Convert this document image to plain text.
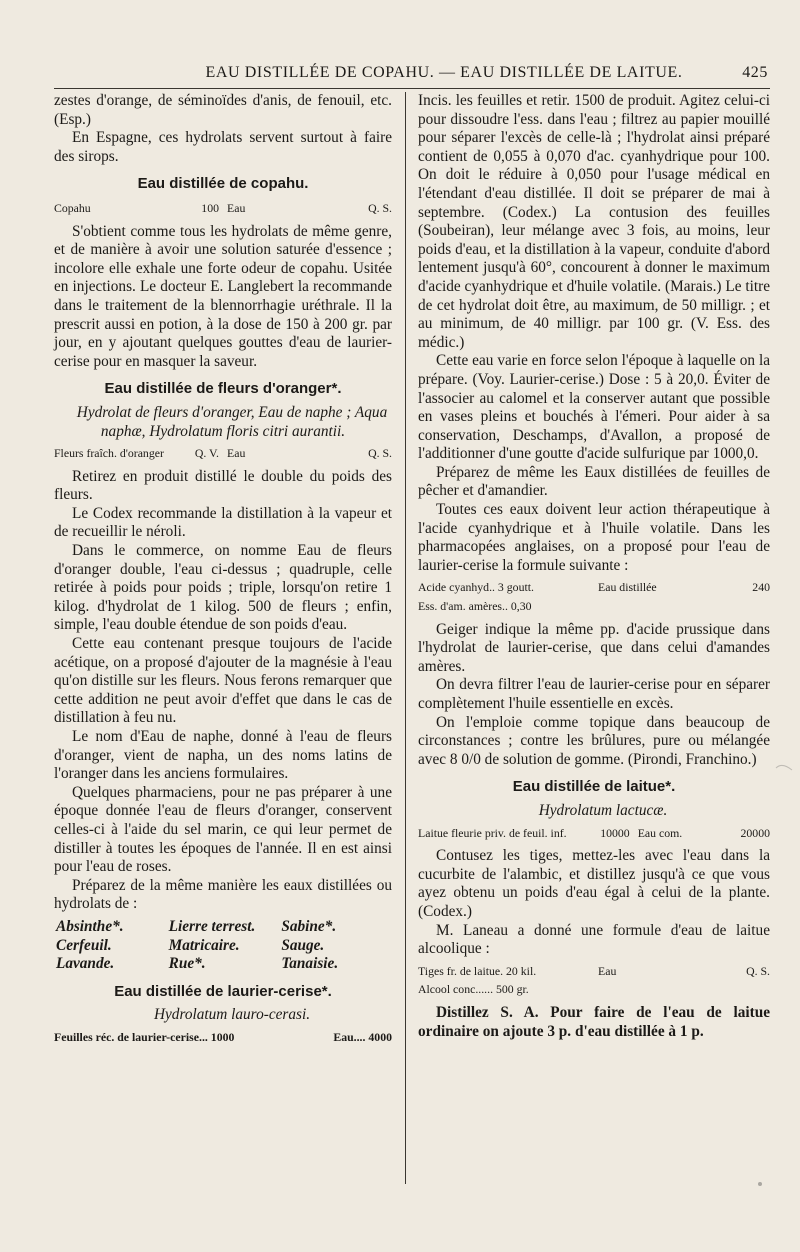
EAU DISTILLÉE DE COPAHU. — EAU DISTILLÉE DE LAITUE.	425

zestes d'orange, de séminoïdes d'anis, de fenouil, etc. (Esp.)

En Espagne, ces hydrolats servent surtout à faire des sirops.

Eau distillée de copahu.
Copahu	100 Eau	Q. S.

S'obtient comme tous les hydrolats de même genre, et de manière à avoir une solution saturée d'essence ; incolore elle exhale une forte odeur de copahu. Usitée en injections. Le docteur E. Langlebert la recommande dans le traitement de la blennorrhagie uréthrale. Il la prescrit aussi en potion, à la dose de 150 à 200 gr. par jour, en y ajoutant quelques gouttes d'eau de laurier-cerise pour en masquer la saveur.

Eau distillée de fleurs d'oranger*.

Hydrolat de fleurs d'oranger, Eau de naphe ; Aqua naphæ, Hydrolatum floris citri aurantii.

Fleurs fraîch. d'oranger	Q. V. Eau	Q. S.

Retirez en produit distillé le double du poids des fleurs.

Le Codex recommande la distillation à la vapeur et de recueillir le néroli.

Dans le commerce, on nomme Eau de fleurs d'oranger double, l'eau ci-dessus ; quadruple, celle retirée à poids pour poids ; triple, lorsqu'on retire 1 kilog. d'hydrolat de 1 kilog. 500 de fleurs ; enfin, simple, l'eau double étendue de son poids d'eau.

Cette eau contenant presque toujours de l'acide acétique, on a proposé d'ajouter de la magnésie à l'eau qu'on distille sur les fleurs. Nous ferons remarquer que cette addition ne peut avoir d'effet que dans le cas de distillation à feu nu.

Le nom d'Eau de naphe, donné à l'eau de fleurs d'oranger, vient de napha, un des noms latins de l'oranger dans les anciens formulaires.

Quelques pharmaciens, pour ne pas préparer à une époque donnée l'eau de fleurs d'oranger, conservent celles-ci à l'aide du sel marin, ce qui leur permet de distiller à toutes les époques de l'année. Il en est ainsi pour l'eau de roses.

Préparez de la même manière les eaux distillées ou hydrolats de :

Absinthe*.	Lierre terrest.	Sabine*.
Cerfeuil.	Matricaire.	Sauge.
Lavande.	Rue*.	Tanaisie.
Eau distillée de laurier-cerise*.

Hydrolatum lauro-cerasi.

Feuilles réc. de laurier-cerise... 1000	Eau.... 4000

Incis. les feuilles et retir. 1500 de produit. Agitez celui-ci pour dissoudre l'ess. dans l'eau ; filtrez au papier mouillé pour séparer l'excès de celle-là ; l'hydrolat ainsi préparé contient de 0,055 à 0,070 d'ac. cyanhydrique pour 100. On doit le réduire à 0,050 pour l'usage médical en l'étendant d'eau distillée. Il doit se préparer de mai à septembre. (Codex.) La contusion des feuilles (Soubeiran), leur mélange avec 3 fois, au moins, leur poids d'eau, et la distillation à la vapeur, conduite d'abord lentement jusqu'à 60°, concourent à donner le maximum d'acide cyanhydrique et d'huile volatile. (Marais.) Le titre de cet hydrolat doit être, au maximum, de 50 milligr. ; et au minimum, de 40 milligr. par 100 gr. (V. Ess. des médic.)

Cette eau varie en force selon l'époque à laquelle on la prépare. (Voy. Laurier-cerise.) Dose : 5 à 20,0. Éviter de l'associer au calomel et la conserver autant que possible en vases pleins et bouchés à l'émeri. Pour aider à sa conservation, Deschamps, d'Avallon, a proposé de l'additionner d'une goutte d'acide sulfurique par 1000,0.

Préparez de même les Eaux distillées de feuilles de pêcher et d'amandier.

Toutes ces eaux doivent leur action thérapeutique à l'acide cyanhydrique et à l'huile volatile. Dans les pharmacopées anglaises, on a proposé pour l'eau de laurier-cerise la formule suivante :

Acide cyanhyd.. 3 goutt.
Ess. d'am. amères.. 0,30
Eau distillée	240

Geiger indique la même pp. d'acide prussique dans l'hydrolat de laurier-cerise, que dans celui d'amandes amères.

On devra filtrer l'eau de laurier-cerise pour en séparer complètement l'huile essentielle en excès.

On l'emploie comme topique dans beaucoup de circonstances ; contre les brûlures, pure ou mélangée avec 8 0/0 de solution de gomme. (Pirondi, Franchino.)

Eau distillée de laitue*.

Hydrolatum lactucæ.

Laitue fleurie priv. de feuil. inf.	10000 Eau com.	20000

Contusez les tiges, mettez-les avec l'eau dans la cucurbite de l'alambic, et distillez jusqu'à ce que vous ayez obtenu un poids d'eau égal à celui de la plante. (Codex.)

M. Laneau a donné une formule d'eau de laitue alcoolique :

Tiges fr. de laitue. 20 kil.
Alcool conc...... 500 gr.
Eau	Q. S.

Distillez S. A. Pour faire de l'eau de laitue ordinaire on ajoute 3 p. d'eau distillée à 1 p.
